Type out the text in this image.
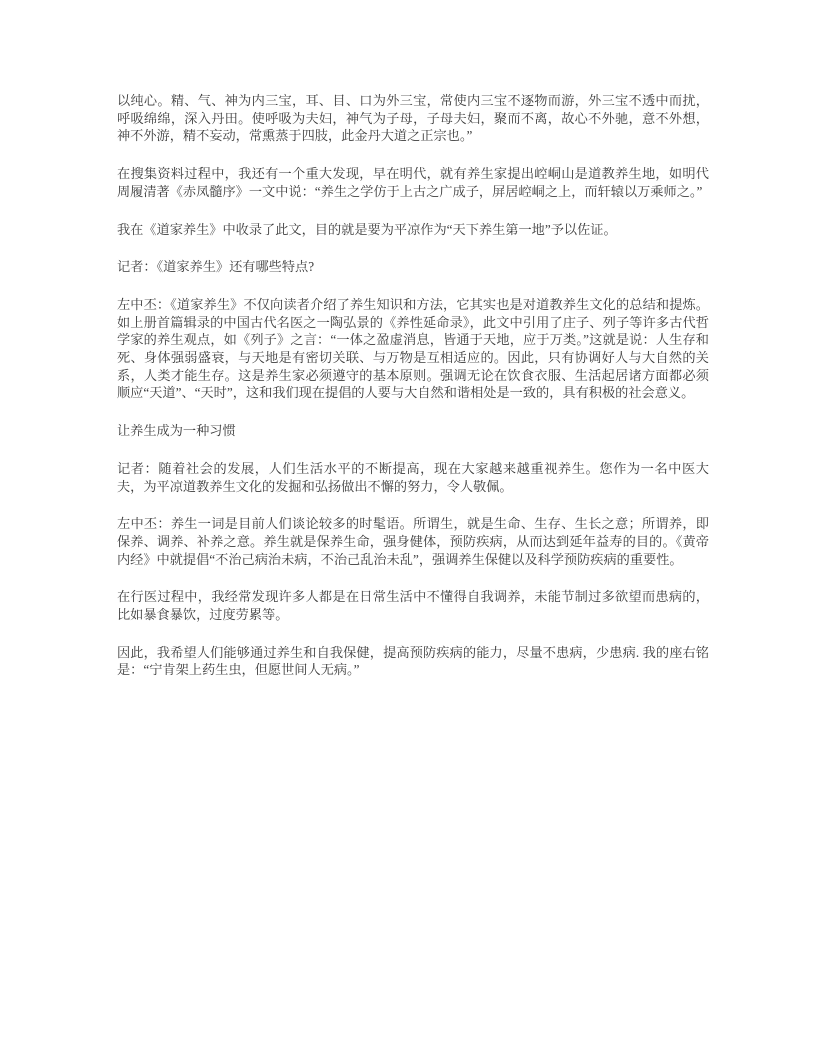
以纯心。精、气、神为内三宝，耳、目、口为外三宝，常使内三宝不逐物而游，外三宝不透中而扰，呼吸绵绵，深入丹田。使呼吸为夫妇，神气为子母，子母夫妇，聚而不离，故心不外驰，意不外想，神不外游，精不妄动，常熏蒸于四肢，此金丹大道之正宗也。”

在搜集资料过程中，我还有一个重大发现，早在明代，就有养生家提出崆峒山是道教养生地，如明代周履清著《赤凤髓序》一文中说：“养生之学仿于上古之广成子，屏居崆峒之上，而轩辕以万乘师之。”

我在《道家养生》中收录了此文，目的就是要为平凉作为“天下养生第一地”予以佐证。

记者：《道家养生》还有哪些特点?

左中丕：《道家养生》不仅向读者介绍了养生知识和方法，它其实也是对道教养生文化的总结和提炼。如上册首篇辑录的中国古代名医之一陶弘景的《养性延命录》，此文中引用了庄子、列子等许多古代哲学家的养生观点，如《列子》之言：“一体之盈虚消息，皆通于天地，应于万类。”这就是说：人生存和死、身体强弱盛衰，与天地是有密切关联、与万物是互相适应的。因此，只有协调好人与大自然的关系，人类才能生存。这是养生家必须遵守的基本原则。强调无论在饮食衣服、生活起居诸方面都必须顺应“天道”、“天时”，这和我们现在提倡的人要与大自然和谐相处是一致的，具有积极的社会意义。

让养生成为一种习惯

记者：随着社会的发展，人们生活水平的不断提高，现在大家越来越重视养生。您作为一名中医大夫，为平凉道教养生文化的发掘和弘扬做出不懈的努力，令人敬佩。

左中丕：养生一词是目前人们谈论较多的时髦语。所谓生，就是生命、生存、生长之意；所谓养，即保养、调养、补养之意。养生就是保养生命，强身健体，预防疾病，从而达到延年益寿的目的。《黄帝内经》中就提倡“不治己病治未病，不治己乱治未乱”，强调养生保健以及科学预防疾病的重要性。

在行医过程中，我经常发现许多人都是在日常生活中不懂得自我调养，未能节制过多欲望而患病的，比如暴食暴饮，过度劳累等。

因此，我希望人们能够通过养生和自我保健，提高预防疾病的能力，尽量不患病，少患病. 我的座右铭是：“宁肯架上药生虫，但愿世间人无病。”
